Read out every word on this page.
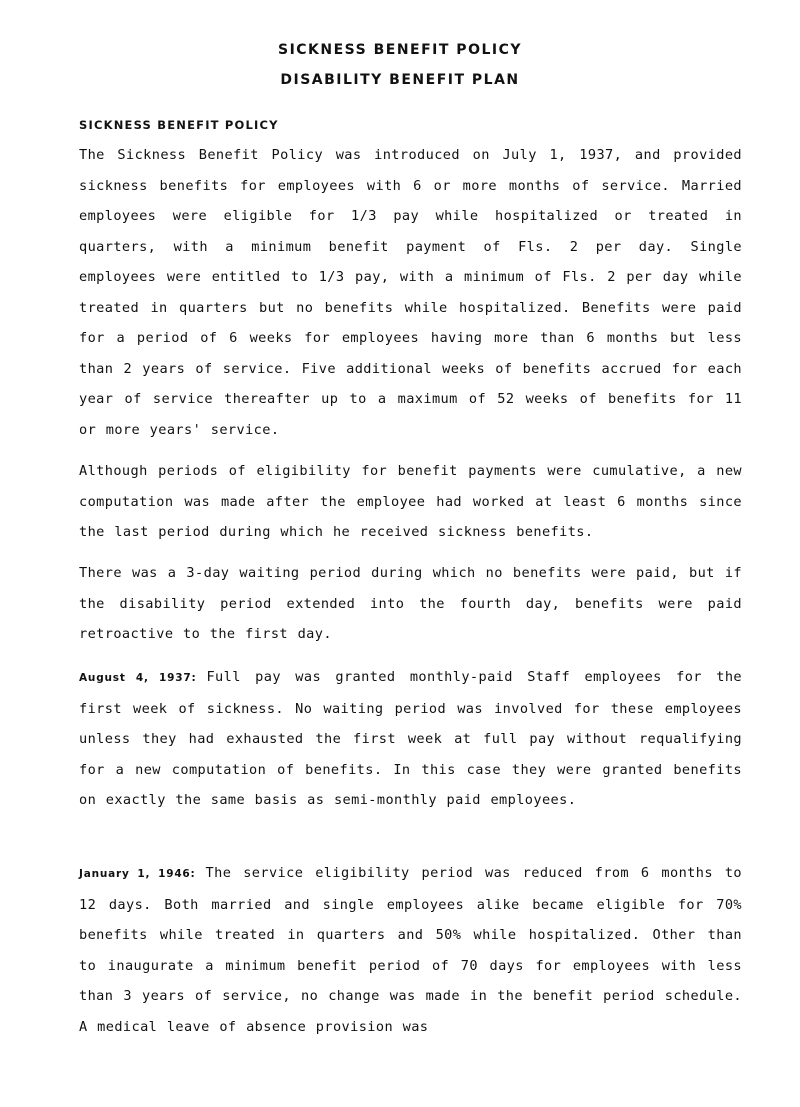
SICKNESS BENEFIT POLICY
DISABILITY BENEFIT PLAN
SICKNESS BENEFIT POLICY

The Sickness Benefit Policy was introduced on July 1, 1937, and provided sickness benefits for employees with 6 or more months of service. Married employees were eligible for 1/3 pay while hospitalized or treated in quarters, with a minimum benefit payment of Fls. 2 per day. Single employees were entitled to 1/3 pay, with a minimum of Fls. 2 per day while treated in quarters but no benefits while hospitalized. Benefits were paid for a period of 6 weeks for employees having more than 6 months but less than 2 years of service. Five additional weeks of benefits accrued for each year of service thereafter up to a maximum of 52 weeks of benefits for 11 or more years' service.

Although periods of eligibility for benefit payments were cumulative, a new computation was made after the employee had worked at least 6 months since the last period during which he received sickness benefits.

There was a 3-day waiting period during which no benefits were paid, but if the disability period extended into the fourth day, benefits were paid retroactive to the first day.

August 4, 1937: Full pay was granted monthly-paid Staff employees for the first week of sickness. No waiting period was involved for these employees unless they had exhausted the first week at full pay without requalifying for a new computation of benefits. In this case they were granted benefits on exactly the same basis as semi-monthly paid employees.

January 1, 1946: The service eligibility period was reduced from 6 months to 12 days. Both married and single employees alike became eligible for 70% benefits while treated in quarters and 50% while hospitalized. Other than to inaugurate a minimum benefit period of 70 days for employees with less than 3 years of service, no change was made in the benefit period schedule. A medical leave of absence provision was
